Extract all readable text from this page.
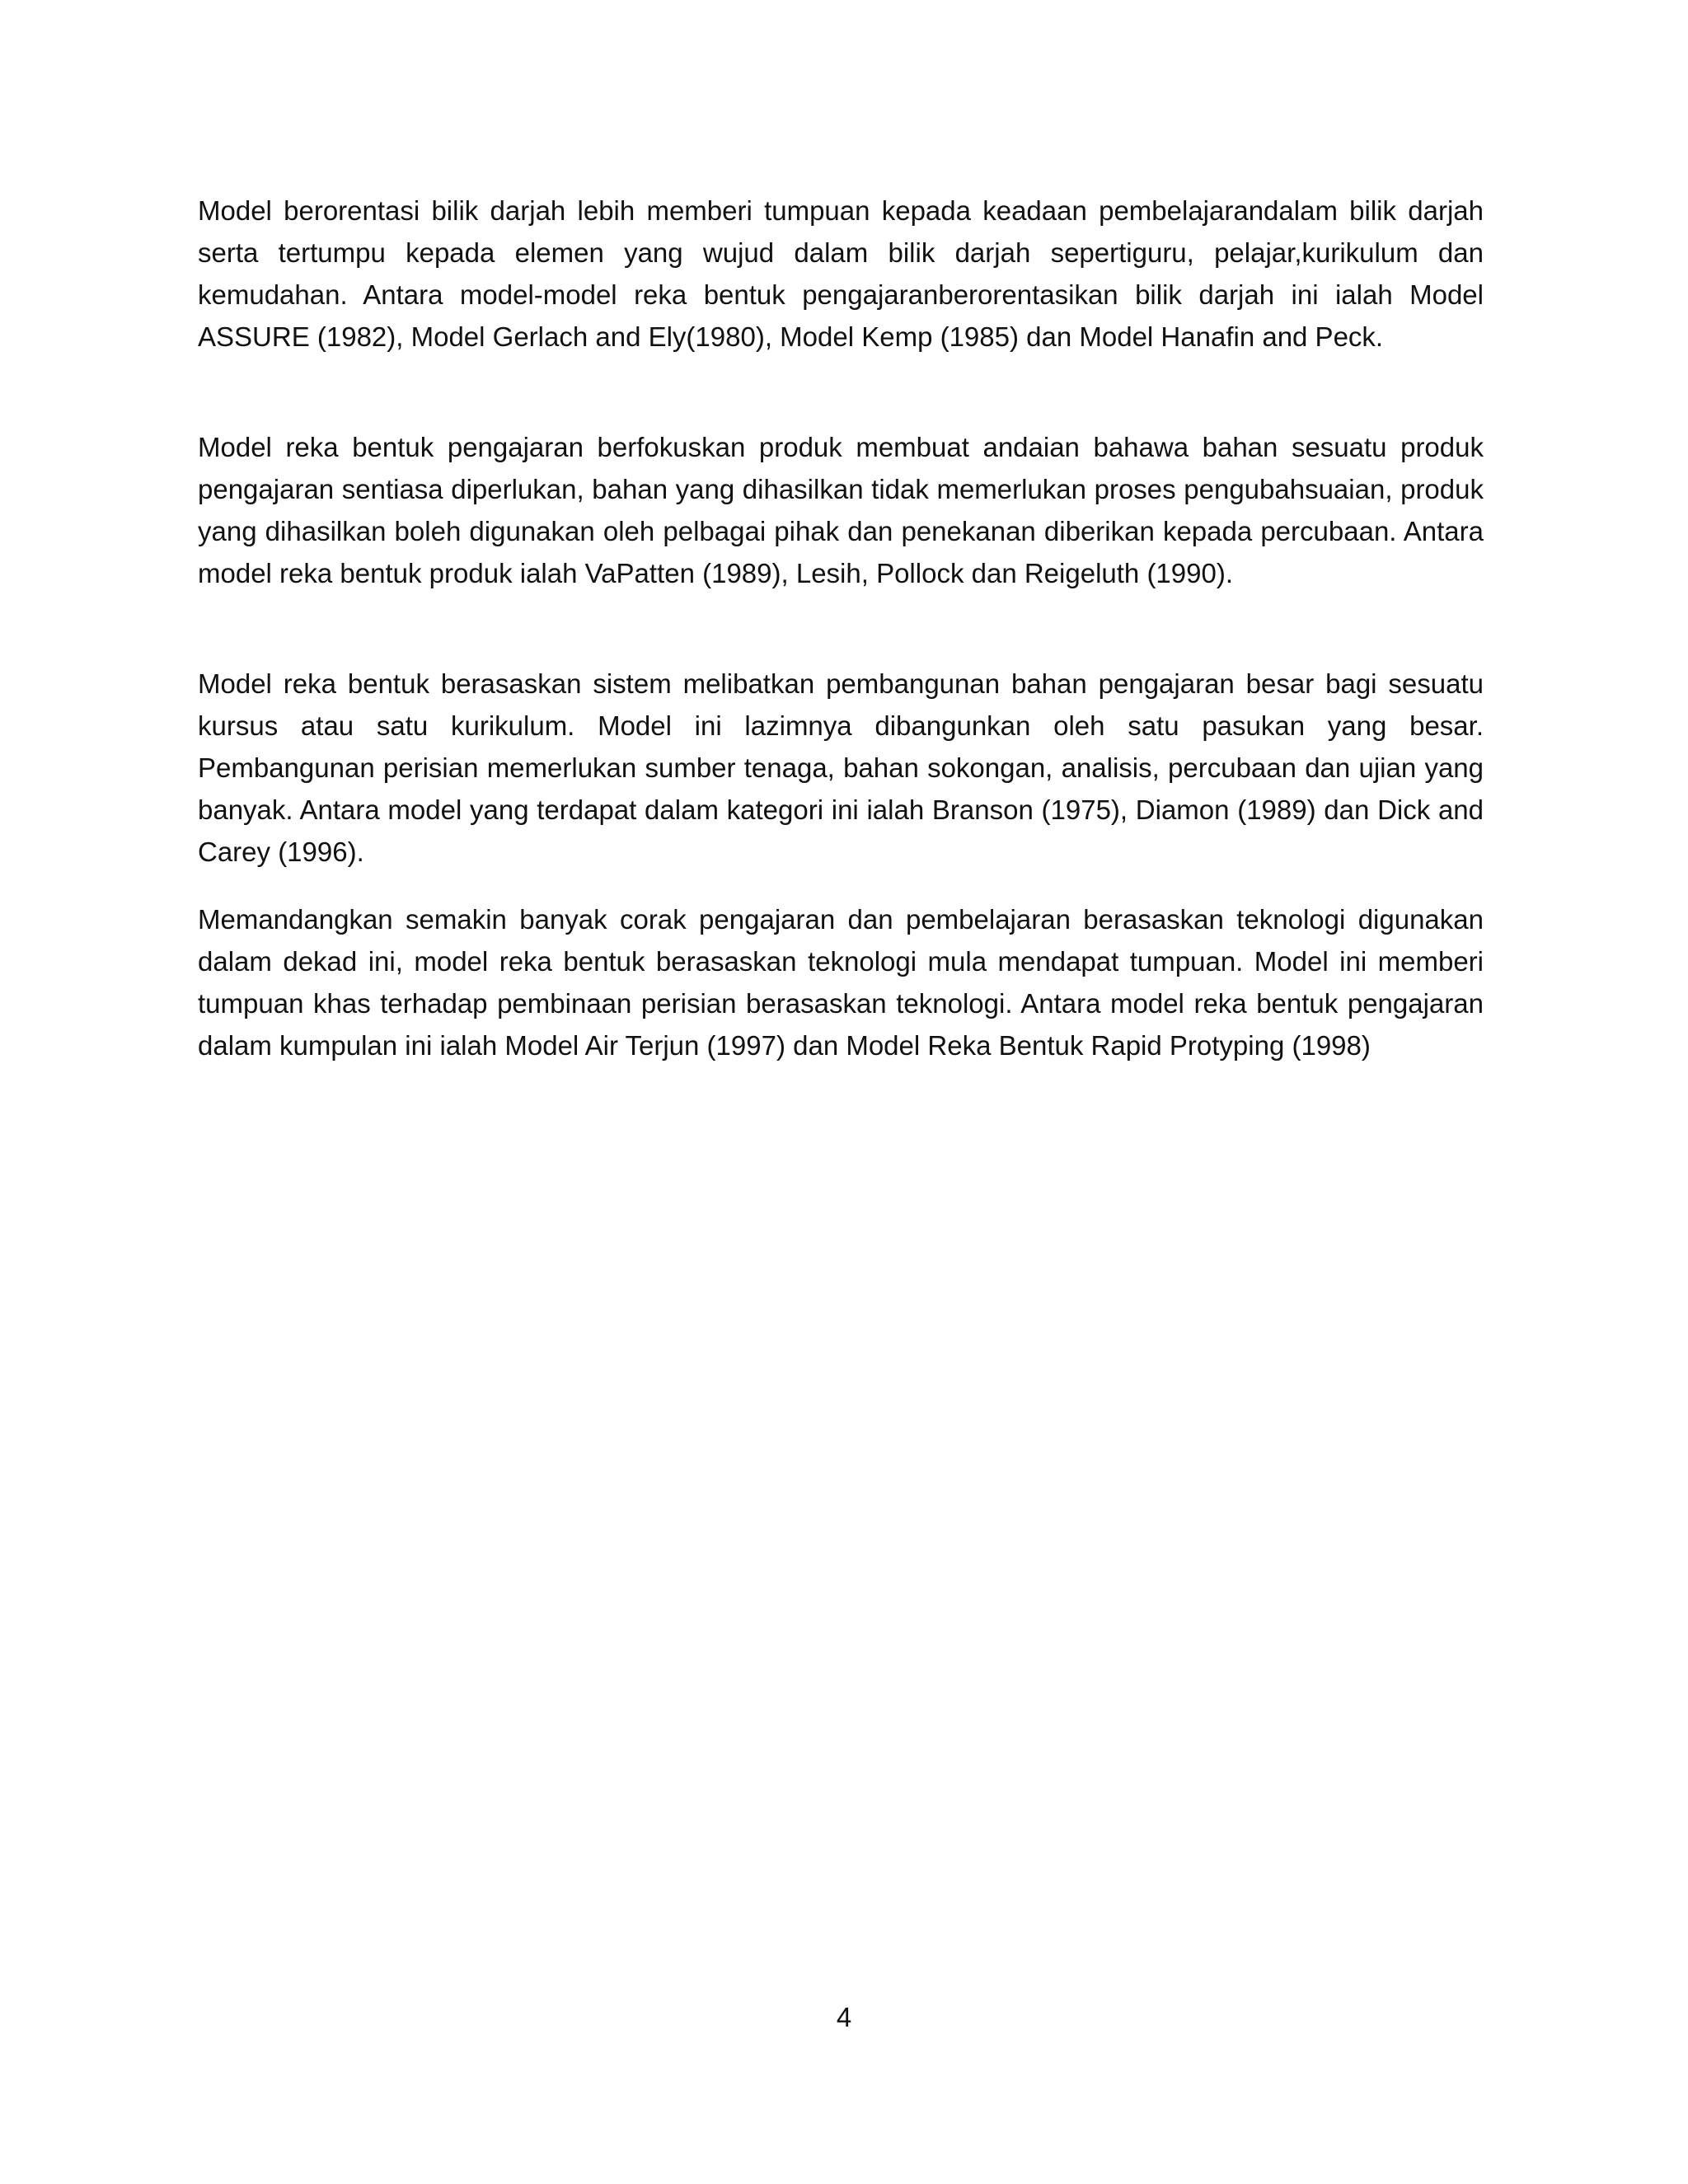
Model berorentasi bilik darjah lebih memberi tumpuan kepada keadaan pembelajarandalam bilik darjah serta tertumpu kepada elemen yang wujud dalam bilik darjah sepertiguru, pelajar,kurikulum dan kemudahan. Antara model-model reka bentuk pengajaranberorentasikan bilik darjah ini ialah Model ASSURE (1982), Model Gerlach and Ely(1980), Model Kemp (1985) dan Model Hanafin and Peck.

Model reka bentuk pengajaran berfokuskan produk membuat andaian bahawa bahan sesuatu produk pengajaran sentiasa diperlukan, bahan yang dihasilkan tidak memerlukan proses pengubahsuaian, produk yang dihasilkan boleh digunakan oleh pelbagai pihak dan penekanan diberikan kepada percubaan. Antara model reka bentuk produk ialah VaPatten (1989), Lesih, Pollock dan Reigeluth (1990).

Model reka bentuk berasaskan sistem melibatkan pembangunan bahan pengajaran besar bagi sesuatu kursus atau satu kurikulum. Model ini lazimnya dibangunkan oleh satu pasukan yang besar. Pembangunan perisian memerlukan sumber tenaga, bahan sokongan, analisis, percubaan dan ujian yang banyak. Antara model yang terdapat dalam kategori ini ialah Branson (1975), Diamon (1989) dan Dick and Carey (1996).

Memandangkan semakin banyak corak pengajaran dan pembelajaran berasaskan teknologi digunakan dalam dekad ini, model reka bentuk berasaskan teknologi mula mendapat tumpuan. Model ini memberi tumpuan khas terhadap pembinaan perisian berasaskan teknologi. Antara model reka bentuk pengajaran dalam kumpulan ini ialah Model Air Terjun (1997) dan Model Reka Bentuk Rapid Protyping (1998)

4
